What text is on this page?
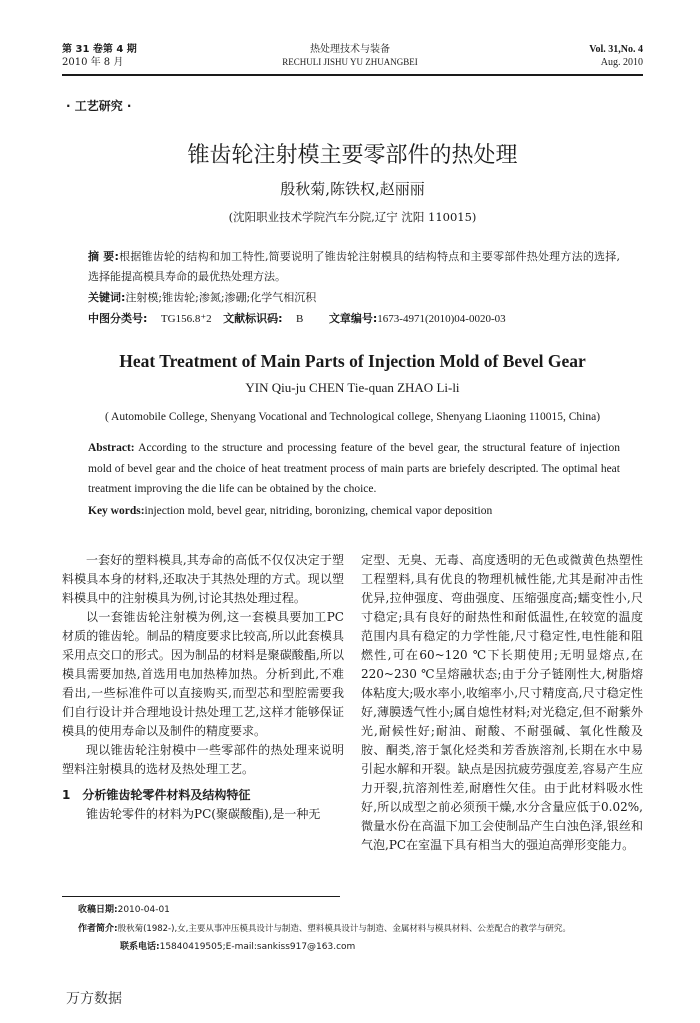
第 31 卷第 4 期
2010 年 8 月
热处理技术与装备
RECHULI JISHU YU ZHUANGBEI
Vol. 31,No. 4
Aug. 2010
· 工艺研究 ·
锥齿轮注射模主要零部件的热处理
殷秋菊,陈铁权,赵丽丽
(沈阳职业技术学院汽车分院,辽宁 沈阳 110015)
摘 要:根据锥齿轮的结构和加工特性,简要说明了锥齿轮注射模具的结构特点和主要零部件热处理方法的选择,选择能提高模具寿命的最优热处理方法。
关键词:注射模;锥齿轮;渗氮;渗硼;化学气相沉积
中图分类号: TG156.8⁺2 文献标识码: B 文章编号:1673-4971(2010)04-0020-03
Heat Treatment of Main Parts of Injection Mold of Bevel Gear
YIN Qiu-ju CHEN Tie-quan ZHAO Li-li
( Automobile College, Shenyang Vocational and Technological college, Shenyang Liaoning 110015, China)
Abstract: According to the structure and processing feature of the bevel gear, the structural feature of injection mold of bevel gear and the choice of heat treatment process of main parts are briefely descripted. The optimal heat treatment improving the die life can be obtained by the choice.
Key words:injection mold, bevel gear, nitriding, boronizing, chemical vapor deposition

一套好的塑料模具,其寿命的高低不仅仅决定于塑料模具本身的材料,还取决于其热处理的方式。现以塑料模具中的注射模具为例,讨论其热处理过程。

以一套锥齿轮注射模为例,这一套模具要加工PC材质的锥齿轮。制品的精度要求比较高,所以此套模具采用点交口的形式。因为制品的材料是聚碳酸酯,所以模具需要加热,首选用电加热棒加热。分析到此,不难看出,一些标准件可以直接购买,而型芯和型腔需要我们自行设计并合理地设计热处理工艺,这样才能够保证模具的使用寿命以及制件的精度要求。

现以锥齿轮注射模中一些零部件的热处理来说明塑料注射模具的选材及热处理工艺。

1 分析锥齿轮零件材料及结构特征

锥齿轮零件的材料为PC(聚碳酸酯),是一种无

定型、无臭、无毒、高度透明的无色或微黄色热塑性工程塑料,具有优良的物理机械性能,尤其是耐冲击性优异,拉伸强度、弯曲强度、压缩强度高;蠕变性小,尺寸稳定;具有良好的耐热性和耐低温性,在较宽的温度范围内具有稳定的力学性能,尺寸稳定性,电性能和阻燃性,可在60~120 ℃下长期使用;无明显熔点,在220~230 ℃呈熔融状态;由于分子链刚性大,树脂熔体粘度大;吸水率小,收缩率小,尺寸精度高,尺寸稳定性好,薄膜透气性小;属自熄性材料;对光稳定,但不耐紫外光,耐候性好;耐油、耐酸、不耐强碱、氧化性酸及胺、酮类,溶于氯化烃类和芳香族溶剂,长期在水中易引起水解和开裂。缺点是因抗疲劳强度差,容易产生应力开裂,抗溶剂性差,耐磨性欠佳。由于此材料吸水性好,所以成型之前必须预干燥,水分含量应低于0.02%,微量水份在高温下加工会使制品产生白浊色泽,银丝和气泡,PC在室温下具有相当大的强迫高弹形变能力。

收稿日期:2010-04-01
作者简介:殷秋菊(1982-),女,主要从事冲压模具设计与制造、塑料模具设计与制造、金属材料与模具材料、公差配合的教学与研究。
联系电话:15840419505;E-mail:sankiss917@163.com
万方数据
